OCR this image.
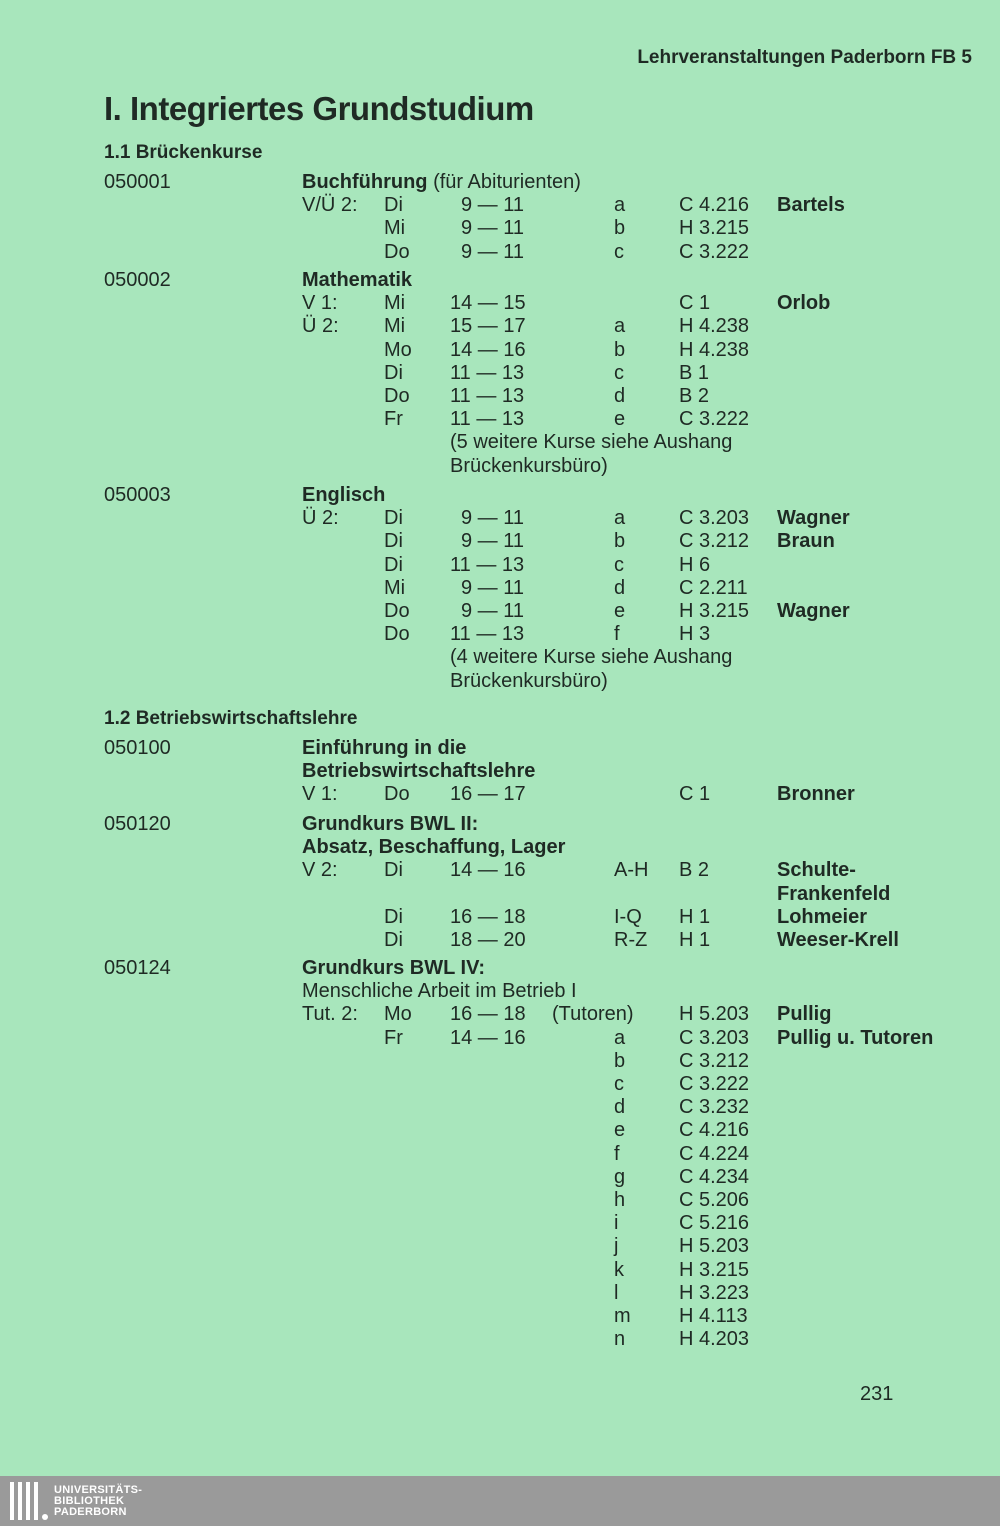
Lehrveranstaltungen Paderborn FB 5
I. Integriertes Grundstudium
1.1 Brückenkurse
050001	Buchführung (für Abiturienten)
V/Ü 2: Di	9 — 11	a	C 4.216 Bartels
Mi	9 — 11	b	H 3.215
Do	9 — 11	c	C 3.222
050002	Mathematik
V 1: Mi 14 — 15	C 1	Orlob
Ü 2: Mi 15 — 17	a	H 4.238
Mo 14 — 16	b	H 4.238
Di 11 — 13	c	B 1
Do 11 — 13	d	B 2
Fr 11 — 13	e	C 3.222
(5 weitere Kurse siehe Aushang
Brückenkursbüro)
050003	Englisch
Ü 2: Di	9 — 11	a	C 3.203 Wagner
Di	9 — 11	b	C 3.212 Braun
Di 11 — 13	c	H 6
Mi	9 — 11	d	C 2.211
Do	9 — 11	e	H 3.215 Wagner
Do 11 — 13	f	H 3
(4 weitere Kurse siehe Aushang
Brückenkursbüro)
1.2 Betriebswirtschaftslehre
050100	Einführung in die
Betriebswirtschaftslehre
V 1: Do 16 — 17	C 1	Bronner
050120	Grundkurs BWL II:
Absatz, Beschaffung, Lager
V 2: Di 14 — 16	A-H B 2	Schulte-
Frankenfeld
Di 16 — 18	I-Q H 1	Lohmeier
Di 18 — 20	R-Z H 1	Weeser-Krell
050124	Grundkurs BWL IV:
Menschliche Arbeit im Betrieb I
Tut. 2: Mo 16 — 18 (Tutoren) H 5.203 Pullig
Fr 14 — 16	a	C 3.203 Pullig u. Tutoren
b	C 3.212
c	C 3.222
d	C 3.232
e	C 4.216
f	C 4.224
g	C 4.234
h	C 5.206
i	C 5.216
j	H 5.203
k	H 3.215
l	H 3.223
m H 4.113
n	H 4.203
231
UNIVERSITÄTS-
BIBLIOTHEK
PADERBORN
